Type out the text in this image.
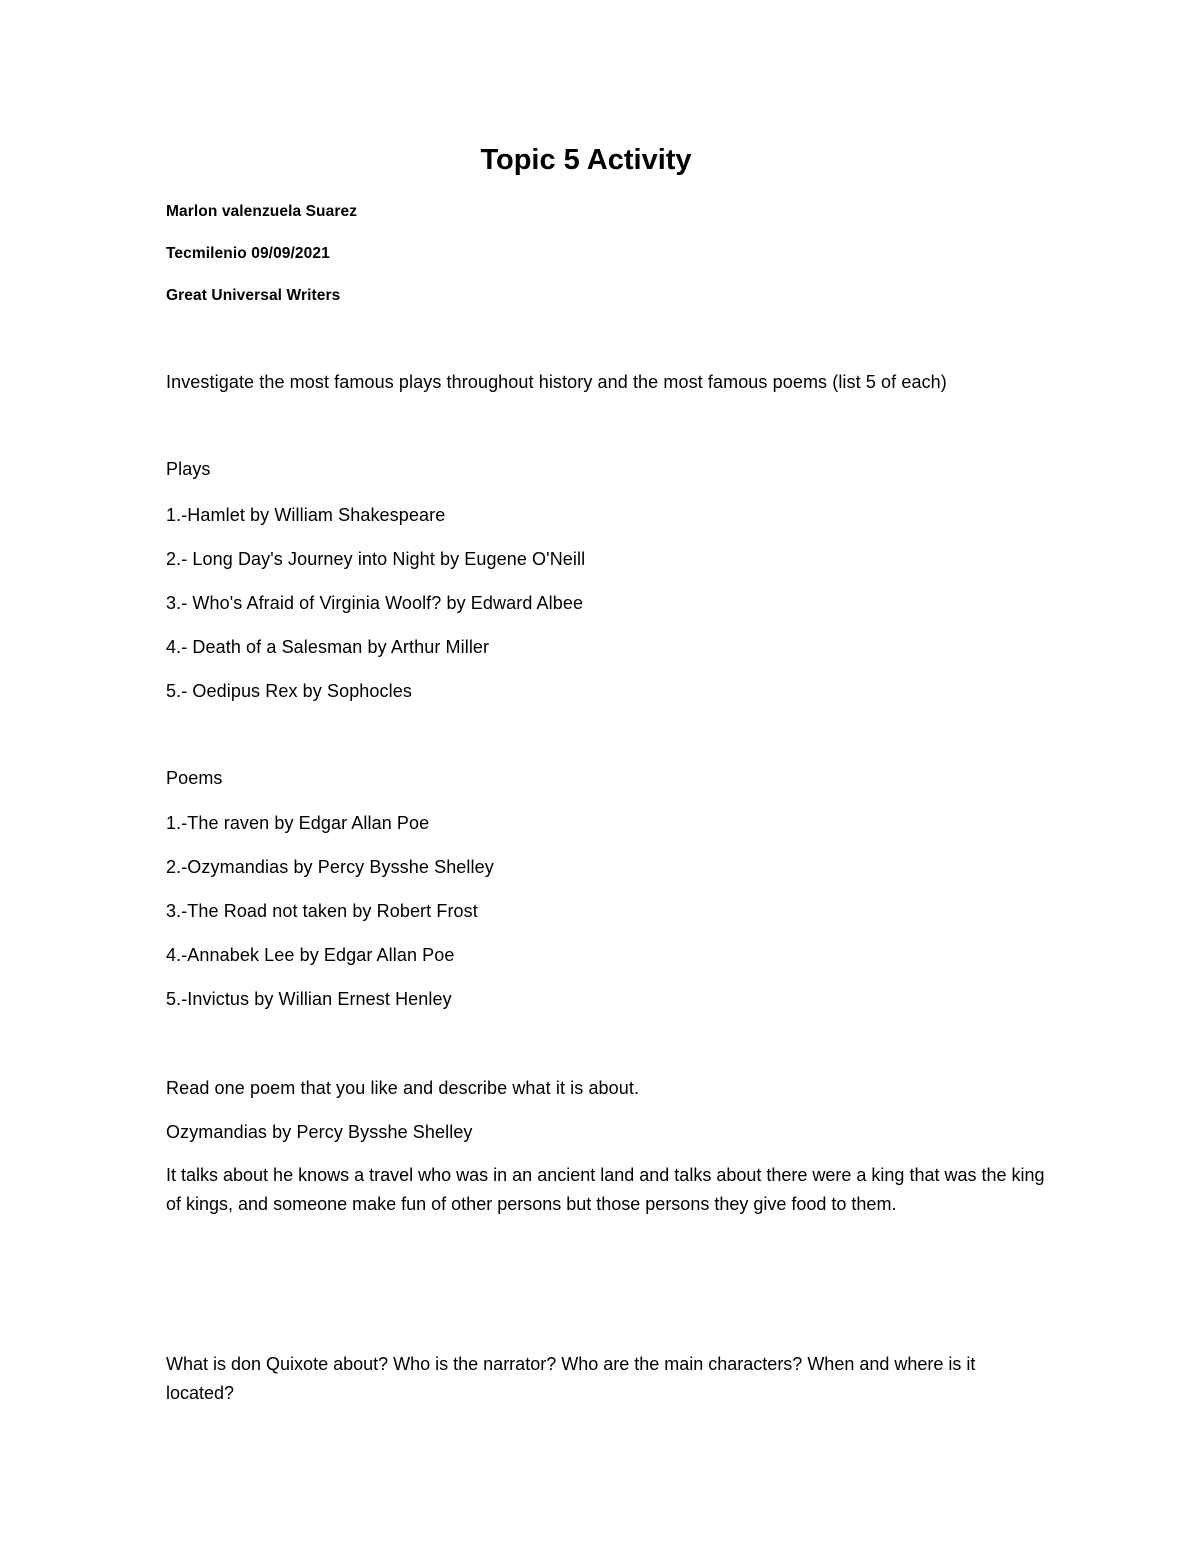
Topic 5 Activity
Marlon valenzuela Suarez
Tecmilenio 09/09/2021
Great Universal Writers
Investigate the most famous plays throughout history and the most famous poems (list 5 of each)
Plays
1.-Hamlet by William Shakespeare
2.- Long Day's Journey into Night by Eugene O'Neill
3.- Who's Afraid of Virginia Woolf? by Edward Albee
4.- Death of a Salesman by Arthur Miller
5.- Oedipus Rex by Sophocles
Poems
1.-The raven by Edgar Allan Poe
2.-Ozymandias by Percy Bysshe Shelley
3.-The Road not taken by Robert Frost
4.-Annabek Lee by Edgar Allan Poe
5.-Invictus by Willian Ernest Henley
Read one poem that you like and describe what it is about.
Ozymandias by Percy Bysshe Shelley
It talks about he knows a travel who was in an ancient land and talks about there were a king that was the king of kings, and someone make fun of other persons but those persons they give food to them.
What is don Quixote about? Who is the narrator? Who are the main characters? When and where is it located?
